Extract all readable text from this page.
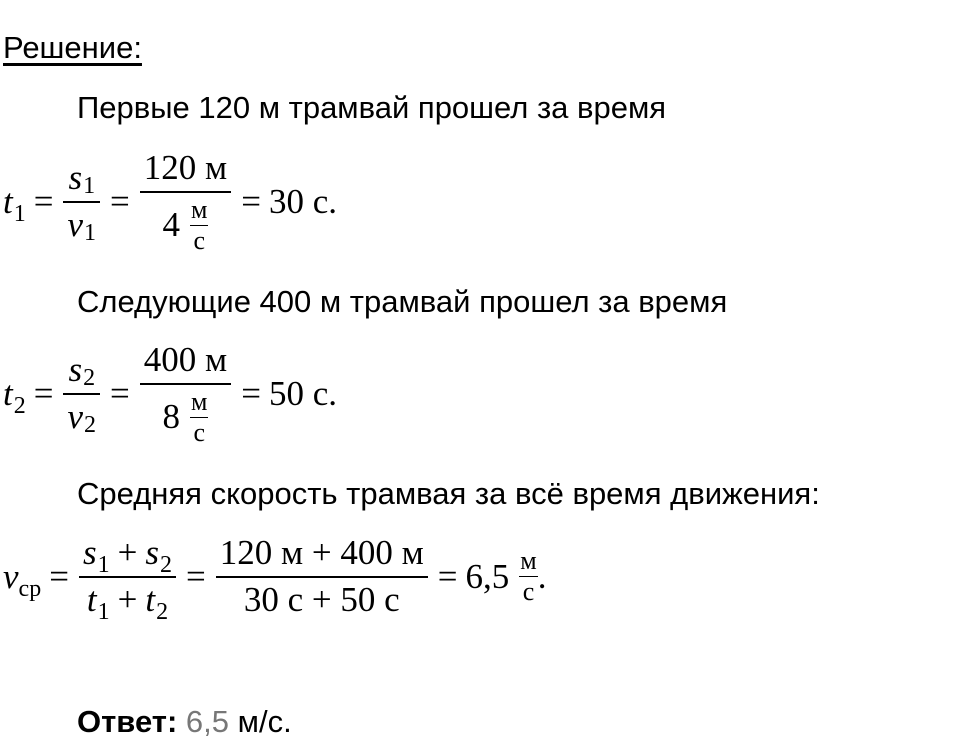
Решение:
Первые 120 м трамвай прошел за время
$t_1 = \frac{s 1}{v 1} = \frac{120 м}{4 \frac{м}{с}} = 30$ с.
Следующие 400 м трамвай прошел за время
$t_2 = \frac{s 2}{v 2} = \frac{400 м}{8 \frac{м}{с}} = 50$ с.
Средняя скорость трамвая за всё время движения:
$v_{ср} = \frac{s_1 + s_2}{t_1 + t_2} = \frac{120 м + 400 м}{30 с + 50 с} = 6,5 \frac{м}{с}$ .
Ответ: 6,5 м/с.
